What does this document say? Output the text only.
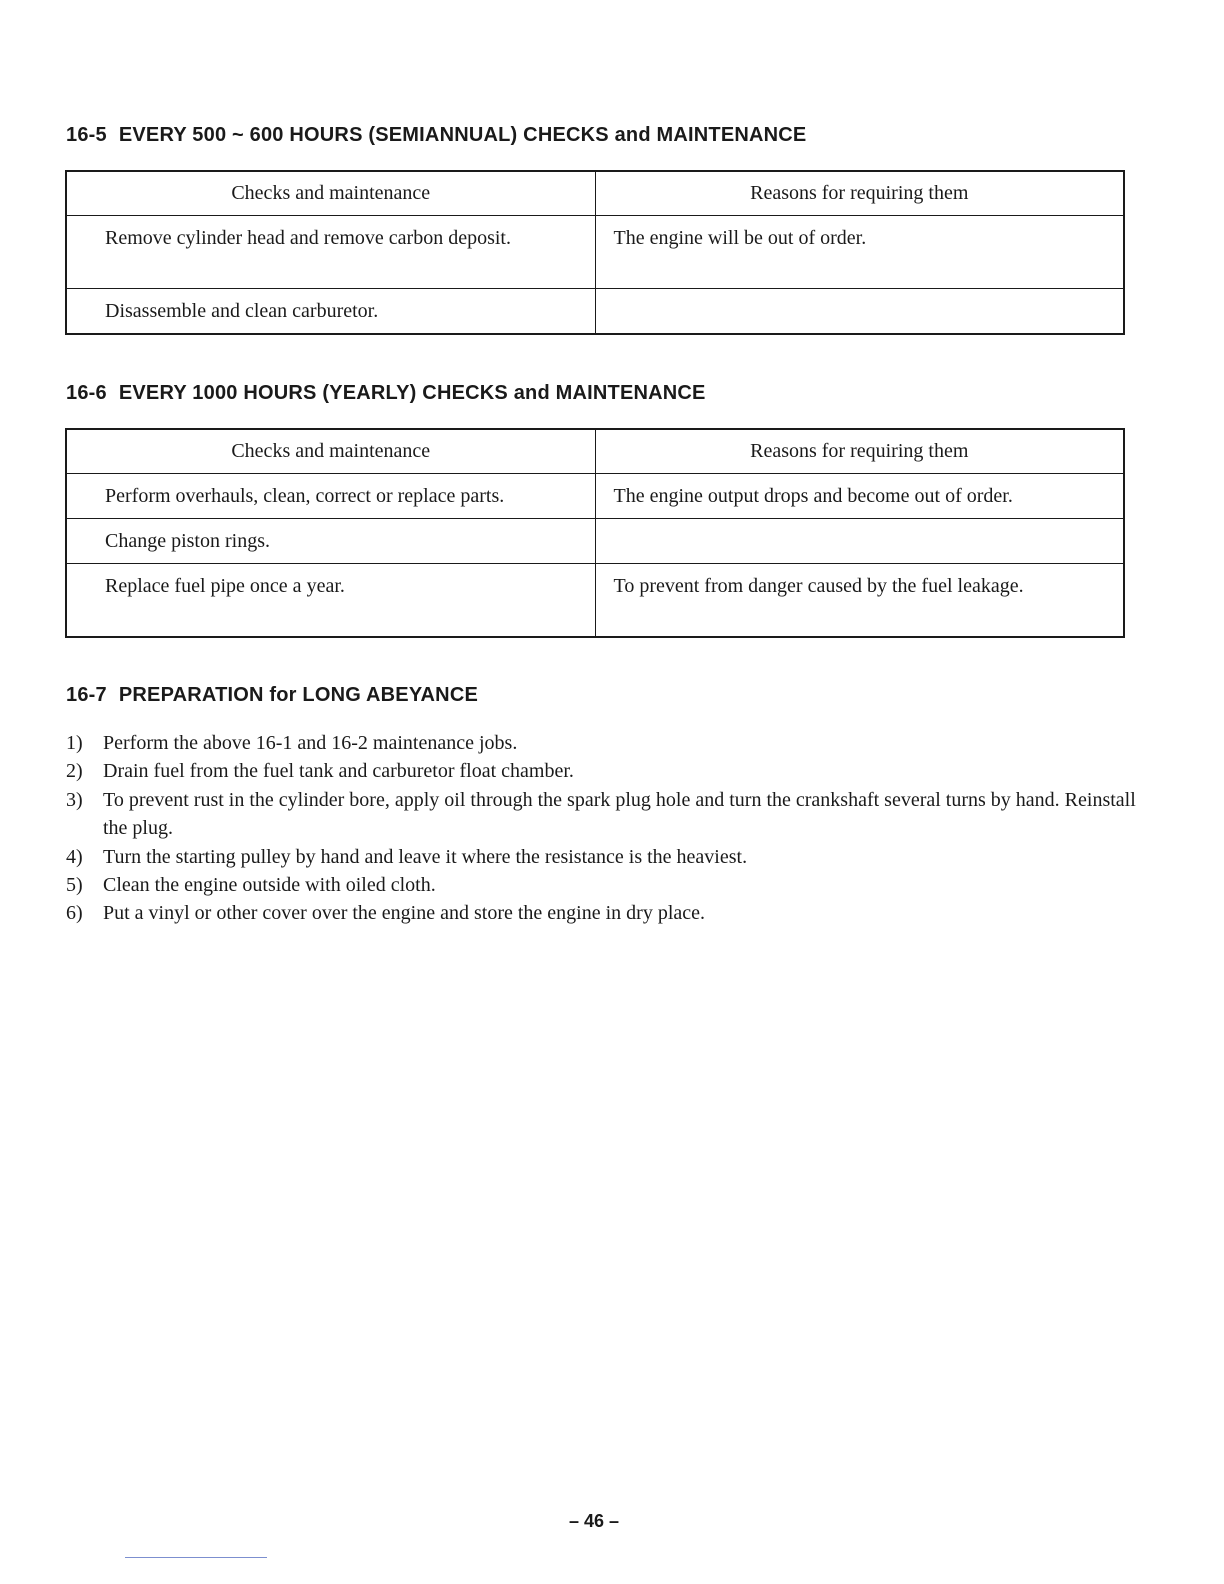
16-5 EVERY 500 ~ 600 HOURS (SEMIANNUAL) CHECKS and MAINTENANCE
Checks and maintenance	Reasons for requiring them
Remove cylinder head and remove carbon deposit.	The engine will be out of order.
Disassemble and clean carburetor.	
16-6 EVERY 1000 HOURS (YEARLY) CHECKS and MAINTENANCE
Checks and maintenance	Reasons for requiring them
Perform overhauls, clean, correct or replace parts.	The engine output drops and become out of order.
Change piston rings.	
Replace fuel pipe once a year.	To prevent from danger caused by the fuel leakage.
16-7 PREPARATION for LONG ABEYANCE
1)	Perform the above 16-1 and 16-2 maintenance jobs.
2)	Drain fuel from the fuel tank and carburetor float chamber.
3)	To prevent rust in the cylinder bore, apply oil through the spark plug hole and turn the crankshaft several turns by hand. Reinstall the plug.
4)	Turn the starting pulley by hand and leave it where the resistance is the heaviest.
5)	Clean the engine outside with oiled cloth.
6)	Put a vinyl or other cover over the engine and store the engine in dry place.
– 46 –
